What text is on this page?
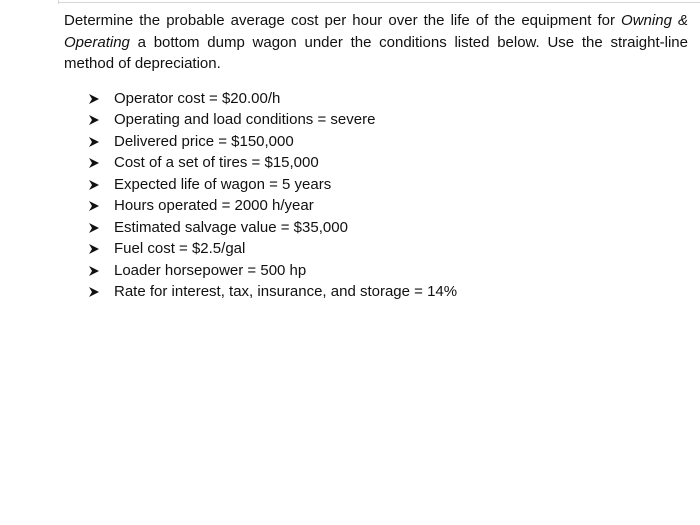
Determine the probable average cost per hour over the life of the equipment for Owning & Operating a bottom dump wagon under the conditions listed below. Use the straight-line method of depreciation.

Operator cost = $20.00/h
Operating and load conditions = severe
Delivered price = $150,000
Cost of a set of tires = $15,000
Expected life of wagon = 5 years
Hours operated = 2000 h/year
Estimated salvage value = $35,000
Fuel cost = $2.5/gal
Loader horsepower = 500 hp
Rate for interest, tax, insurance, and storage = 14%
